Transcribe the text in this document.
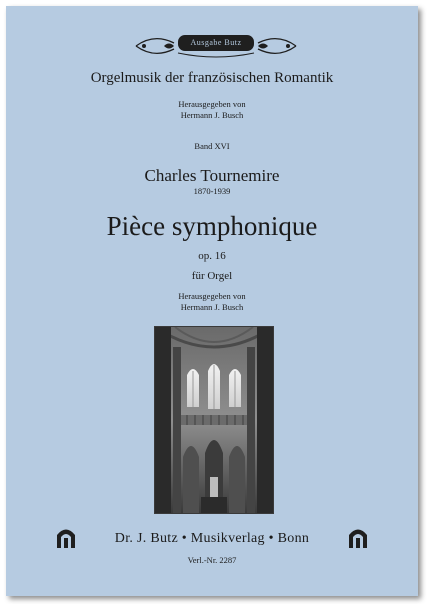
Ausgabe Butz
Orgelmusik der französischen Romantik
Herausgegeben von
Hermann J. Busch
Band XVI
Charles Tournemire
1870-1939
Pièce symphonique
op. 16
für Orgel
Herausgegeben von
Hermann J. Busch
Dr. J. Butz • Musikverlag • Bonn
Verl.-Nr. 2287
